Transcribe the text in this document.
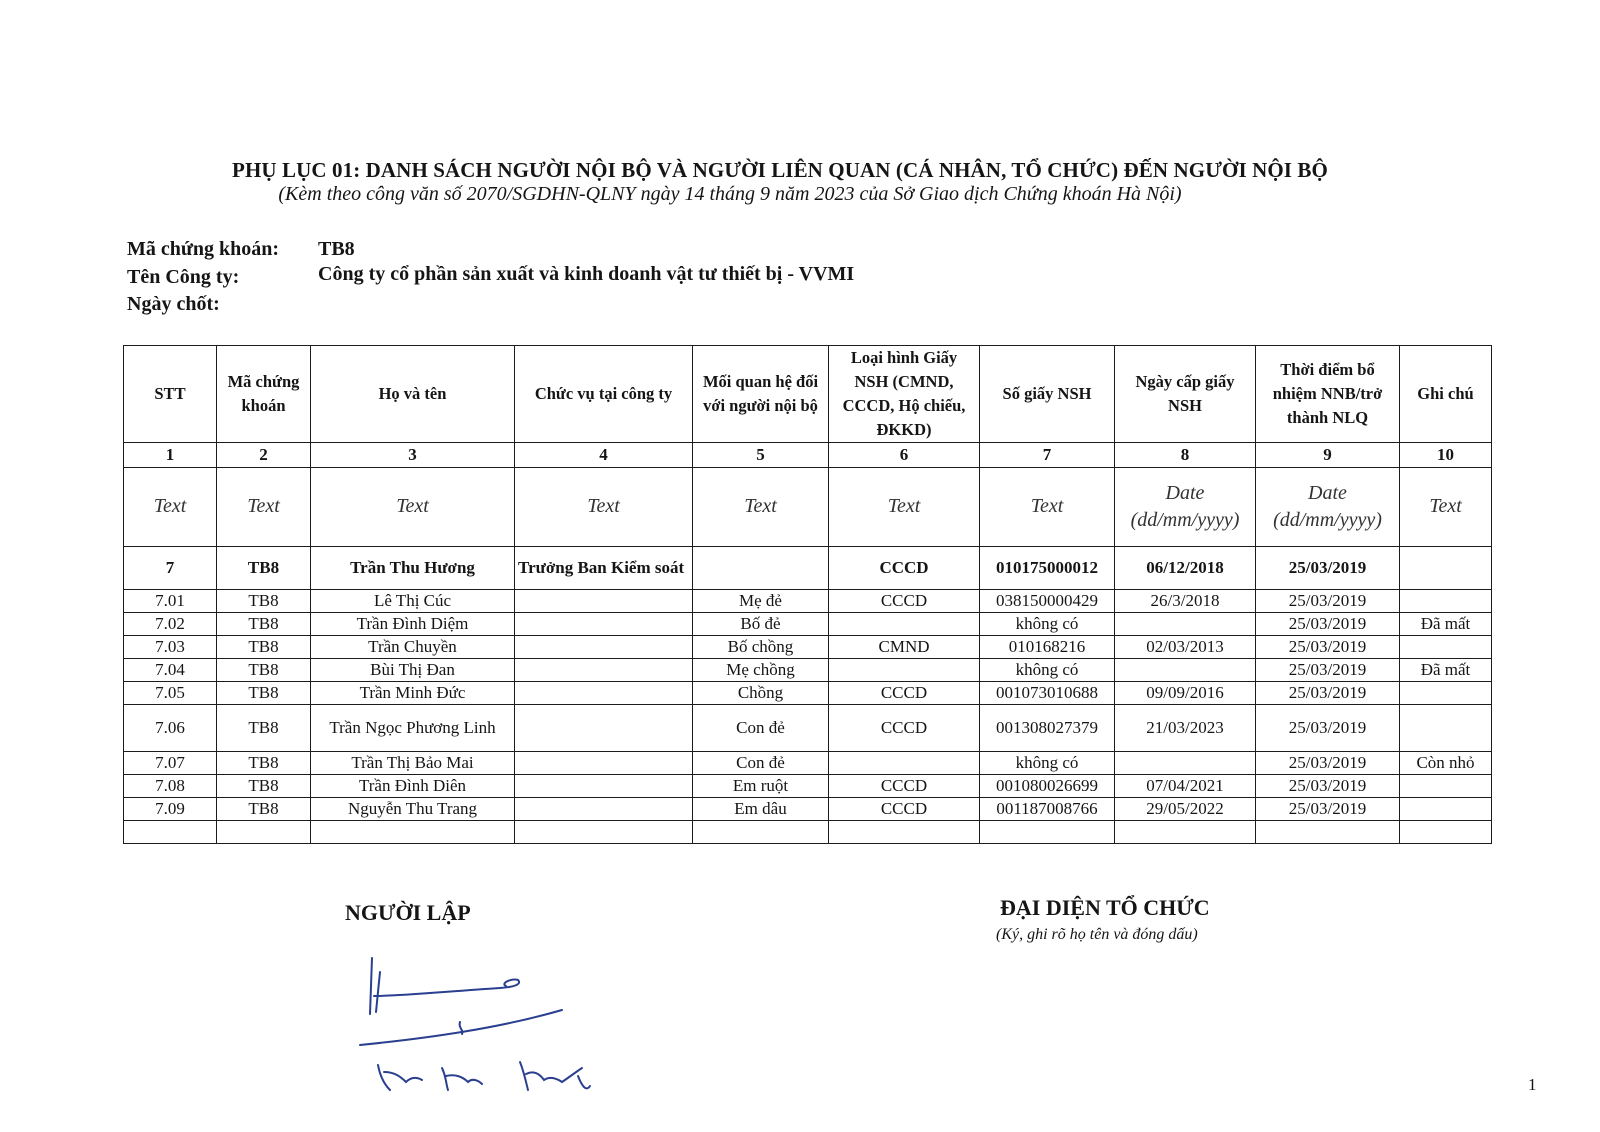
PHỤ LỤC 01: DANH SÁCH NGƯỜI NỘI BỘ VÀ NGƯỜI LIÊN QUAN (CÁ NHÂN, TỔ CHỨC) ĐẾN NGƯỜI NỘI BỘ
(Kèm theo công văn số 2070/SGDHN-QLNY ngày 14 tháng 9 năm 2023 của Sở Giao dịch Chứng khoán Hà Nội)
Mã chứng khoán: TB8
Tên Công ty:	Công ty cổ phần sản xuất và kinh doanh vật tư thiết bị - VVMI
Ngày chốt:
STT	Mã chứng khoán	Họ và tên	Chức vụ tại công ty	Mối quan hệ đối với người nội bộ	Loại hình Giấy NSH (CMND, CCCD, Hộ chiếu, ĐKKD)	Số giấy NSH	Ngày cấp giấy NSH	Thời điểm bổ nhiệm NNB/trở thành NLQ	Ghi chú
1	2	3	4	5	6	7	8	9	10
Text	Text	Text	Text	Text	Text	Text	Date (dd/mm/yyyy)	Date (dd/mm/yyyy)	Text
7	TB8	Trần Thu Hương	Trưởng Ban Kiểm soát		CCCD	010175000012	06/12/2018	25/03/2019	
7.01	TB8	Lê Thị Cúc		Mẹ đẻ	CCCD	038150000429	26/3/2018	25/03/2019	
7.02	TB8	Trần Đình Diệm		Bố đẻ		không có		25/03/2019	Đã mất
7.03	TB8	Trần Chuyền		Bố chồng	CMND	010168216	02/03/2013	25/03/2019	
7.04	TB8	Bùi Thị Đan		Mẹ chồng		không có		25/03/2019	Đã mất
7.05	TB8	Trần Minh Đức		Chồng	CCCD	001073010688	09/09/2016	25/03/2019	
7.06	TB8	Trần Ngọc Phương Linh		Con đẻ	CCCD	001308027379	21/03/2023	25/03/2019	
7.07	TB8	Trần Thị Bảo Mai		Con đẻ		không có		25/03/2019	Còn nhỏ
7.08	TB8	Trần Đình Diên		Em ruột	CCCD	001080026699	07/04/2021	25/03/2019	
7.09	TB8	Nguyễn Thu Trang		Em dâu	CCCD	001187008766	29/05/2022	25/03/2019	

NGƯỜI LẬP	ĐẠI DIỆN TỔ CHỨC
(Ký, ghi rõ họ tên và đóng dấu)
1
